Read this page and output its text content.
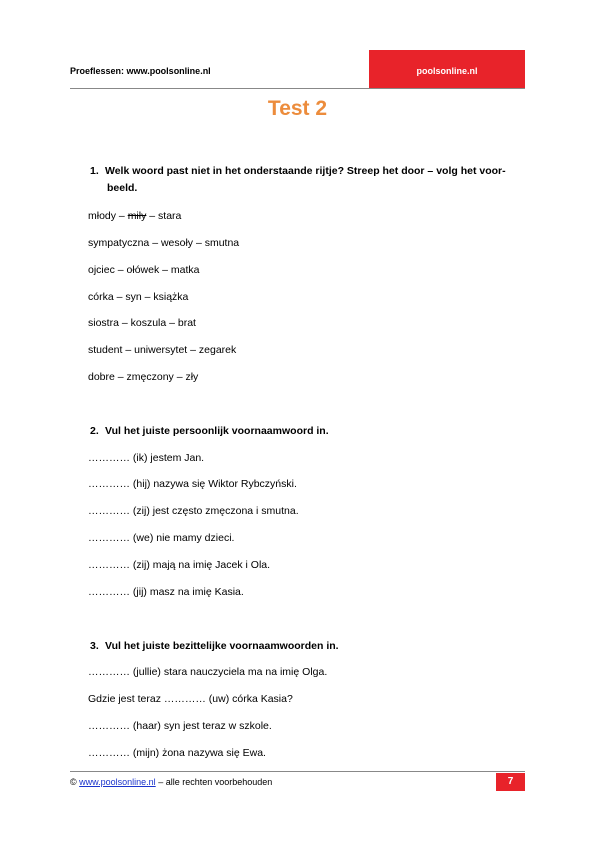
Proeflessen: www.poolsonline.nl	poolsonline.nl
Test 2
1. Welk woord past niet in het onderstaande rijtje? Streep het door – volg het voor-
beeld.
młody – miły – stara
sympatyczna – wesoły – smutna
ojciec – ołówek – matka
córka – syn – książka
siostra – koszula – brat
student – uniwersytet – zegarek
dobre – zmęczony – zły
2. Vul het juiste persoonlijk voornaamwoord in.
………… (ik) jestem Jan.
………… (hij) nazywa się Wiktor Rybczyński.
………… (zij) jest często zmęczona i smutna.
………… (we) nie mamy dzieci.
………… (zij) mają na imię Jacek i Ola.
………… (jij) masz na imię Kasia.
3. Vul het juiste bezittelijke voornaamwoorden in.
………… (jullie) stara nauczyciela ma na imię Olga.
Gdzie jest teraz ………… (uw) córka Kasia?
………… (haar) syn jest teraz w szkole.
………… (mijn) żona nazywa się Ewa.
© www.poolsonline.nl – alle rechten voorbehouden	7
